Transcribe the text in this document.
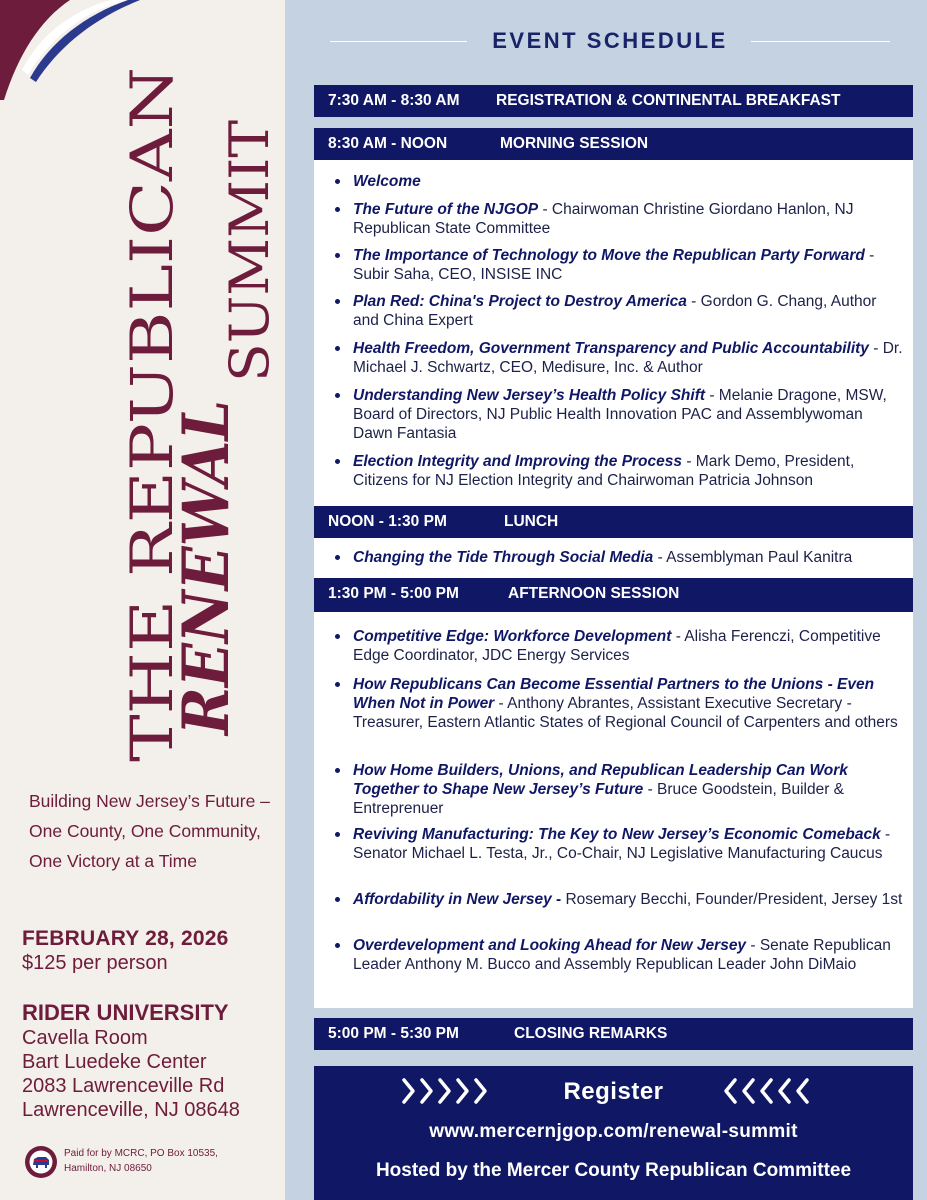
THE REPUBLICAN
RENEWAL
SUMMIT
Building New Jersey’s Future – One County, One Community, One Victory at a Time
FEBRUARY 28, 2026
$125 per person
RIDER UNIVERSITY
Cavella Room
Bart Luedeke Center
2083 Lawrenceville Rd
Lawrenceville, NJ 08648
Paid for by MCRC, PO Box 10535,
Hamilton, NJ 08650
EVENT SCHEDULE
7:30 AM - 8:30 AM REGISTRATION & CONTINENTAL BREAKFAST
8:30 AM - NOON	MORNING SESSION
Welcome
The Future of the NJGOP - Chairwoman Christine Giordano Hanlon, NJ Republican State Committee
The Importance of Technology to Move the Republican Party Forward - Subir Saha, CEO, INSISE INC
Plan Red: China's Project to Destroy America - Gordon G. Chang, Author and China Expert
Health Freedom, Government Transparency and Public Accountability - Dr. Michael J. Schwartz, CEO, Medisure, Inc. & Author
Understanding New Jersey’s Health Policy Shift - Melanie Dragone, MSW, Board of Directors, NJ Public Health Innovation PAC and Assemblywoman Dawn Fantasia
Election Integrity and Improving the Process - Mark Demo, President, Citizens for NJ Election Integrity and Chairwoman Patricia Johnson
NOON - 1:30 PM	LUNCH
Changing the Tide Through Social Media - Assemblyman Paul Kanitra
1:30 PM - 5:00 PM	AFTERNOON SESSION
Competitive Edge: Workforce Development - Alisha Ferenczi, Competitive Edge Coordinator, JDC Energy Services
How Republicans Can Become Essential Partners to the Unions - Even When Not in Power - Anthony Abrantes, Assistant Executive Secretary - Treasurer, Eastern Atlantic States of Regional Council of Carpenters and others
How Home Builders, Unions, and Republican Leadership Can Work Together to Shape New Jersey’s Future - Bruce Goodstein, Builder & Entreprenuer
Reviving Manufacturing: The Key to New Jersey’s Economic Comeback - Senator Michael L. Testa, Jr., Co-Chair, NJ Legislative Manufacturing Caucus
Affordability in New Jersey - Rosemary Becchi, Founder/President, Jersey 1st
Overdevelopment and Looking Ahead for New Jersey - Senate Republican Leader Anthony M. Bucco and Assembly Republican Leader John DiMaio
5:00 PM - 5:30 PM	CLOSING REMARKS
Register
www.mercernjgop.com/renewal-summit
Hosted by the Mercer County Republican Committee
